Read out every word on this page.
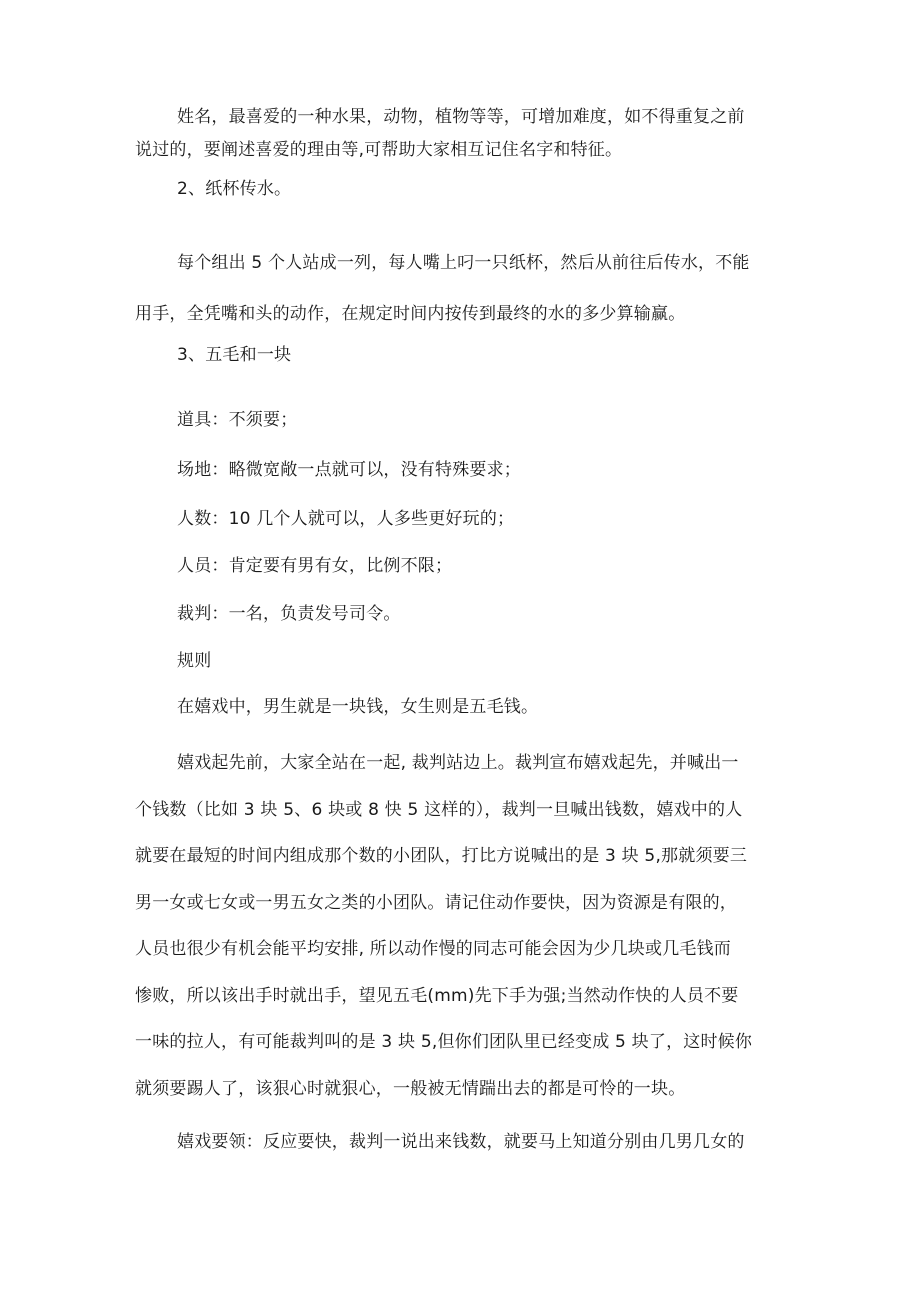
姓名，最喜爱的一种水果，动物，植物等等，可增加难度，如不得重复之前
说过的，要阐述喜爱的理由等,可帮助大家相互记住名字和特征。

2、纸杯传水。

每个组出 5 个人站成一列，每人嘴上叼一只纸杯，然后从前往后传水，不能
用手，全凭嘴和头的动作，在规定时间内按传到最终的水的多少算输赢。

3、五毛和一块

道具：不须要；

场地：略微宽敞一点就可以，没有特殊要求；

人数：10 几个人就可以，人多些更好玩的；

人员：肯定要有男有女，比例不限；

裁判：一名，负责发号司令。

规则

在嬉戏中，男生就是一块钱，女生则是五毛钱。

嬉戏起先前，大家全站在一起, 裁判站边上。裁判宣布嬉戏起先，并喊出一
个钱数（比如 3 块 5、6 块或 8 快 5 这样的），裁判一旦喊出钱数，嬉戏中的人
就要在最短的时间内组成那个数的小团队，打比方说喊出的是 3 块 5,那就须要三
男一女或七女或一男五女之类的小团队。请记住动作要快，因为资源是有限的，
人员也很少有机会能平均安排, 所以动作慢的同志可能会因为少几块或几毛钱而
惨败，所以该出手时就出手，望见五毛(mm)先下手为强;当然动作快的人员不要
一味的拉人，有可能裁判叫的是 3 块 5,但你们团队里已经变成 5 块了，这时候你
就须要踢人了，该狠心时就狠心，一般被无情踹出去的都是可怜的一块。

嬉戏要领：反应要快，裁判一说出来钱数，就要马上知道分别由几男几女的
